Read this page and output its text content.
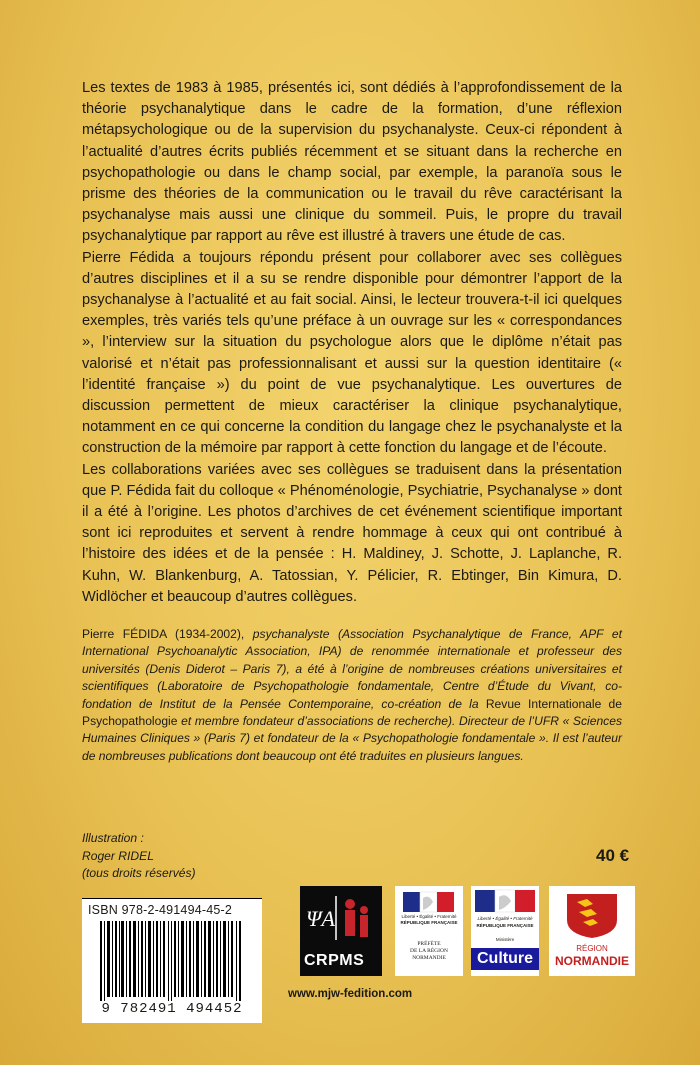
Les textes de 1983 à 1985, présentés ici, sont dédiés à l’approfondissement de la théorie psychanalytique dans le cadre de la formation, d’une réflexion métapsychologique ou de la supervision du psychanalyste. Ceux-ci répondent à l’actualité d’autres écrits publiés récemment et se situant dans la recherche en psychopathologie ou dans le champ social, par exemple, la paranoïa sous le prisme des théories de la communication ou le travail du rêve caractérisant la psychanalyse mais aussi une clinique du sommeil. Puis, le propre du travail psychanalytique par rapport au rêve est illustré à travers une étude de cas.

Pierre Fédida a toujours répondu présent pour collaborer avec ses collègues d’autres disciplines et il a su se rendre disponible pour démontrer l’apport de la psychanalyse à l’actualité et au fait social. Ainsi, le lecteur trouvera-t-il ici quelques exemples, très variés tels qu’une préface à un ouvrage sur les « correspondances », l’interview sur la situation du psychologue alors que le diplôme n’était pas valorisé et n’était pas professionnalisant et aussi sur la question identitaire (« l’identité française ») du point de vue psychanalytique. Les ouvertures de discussion permettent de mieux caractériser la clinique psychanalytique, notamment en ce qui concerne la condition du langage chez le psychanalyste et la construction de la mémoire par rapport à cette fonction du langage et de l’écoute.

Les collaborations variées avec ses collègues se traduisent dans la présentation que P. Fédida fait du colloque « Phénoménologie, Psychiatrie, Psychanalyse » dont il a été à l’origine. Les photos d’archives de cet événement scientifique important sont ici reproduites et servent à rendre hommage à ceux qui ont contribué à l’histoire des idées et de la pensée : H. Maldiney, J. Schotte, J. Laplanche, R. Kuhn, W. Blankenburg, A. Tatossian, Y. Pélicier, R. Ebtinger, Bin Kimura, D. Widlöcher et beaucoup d’autres collègues.

Pierre FÉDIDA (1934-2002), psychanalyste (Association Psychanalytique de France, APF et International Psychoanalytic Association, IPA) de renommée internationale et professeur des universités (Denis Diderot – Paris 7), a été à l’origine de nombreuses créations universitaires et scientifiques (Laboratoire de Psychopathologie fondamentale, Centre d’Étude du Vivant, co-fondation de Institut de la Pensée Contemporaine, co-création de la Revue Internationale de Psychopathologie et membre fondateur d’associations de recherche). Directeur de l’UFR « Sciences Humaines Cliniques » (Paris 7) et fondateur de la « Psychopathologie fondamentale ». Il est l’auteur de nombreuses publications dont beaucoup ont été traduites en plusieurs langues.
Illustration :
Roger RIDEL
(tous droits réservés)
40 €
ISBN 978-2-491494-45-2
9 782491 494452
ΨA
CRPMS
Liberté • Égalité • Fraternité
RÉPUBLIQUE FRANÇAISE
PRÉFÈTE
DE LA RÉGION
NORMANDIE
Liberté • Égalité • Fraternité
RÉPUBLIQUE FRANÇAISE
Ministère
Culture
RÉGION
NORMANDIE
www.mjw-fedition.com
